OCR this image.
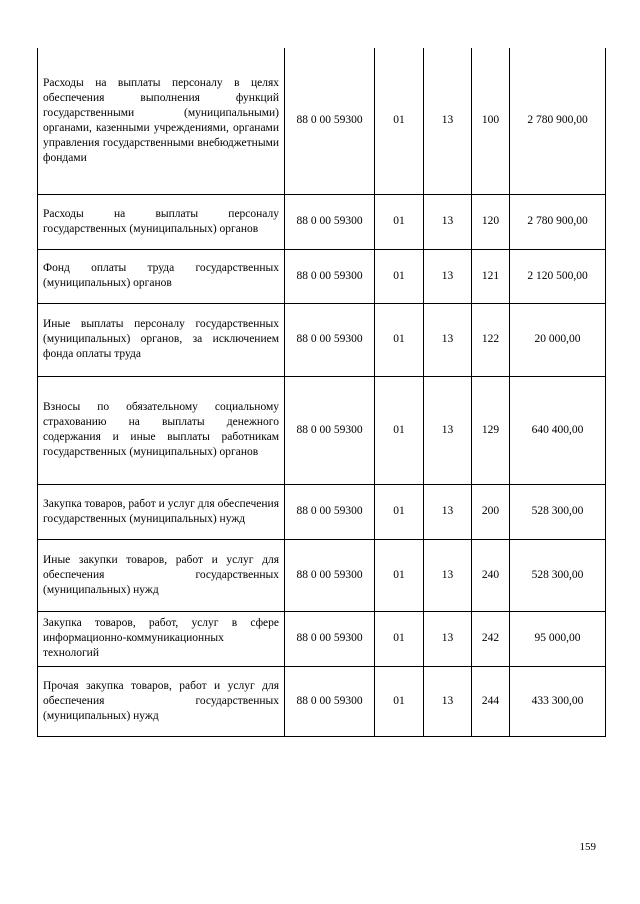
Расходы на выплаты персоналу в целях обеспечения выполнения функций государственными (муниципальными) органами, казенными учреждениями, органами управления государственными внебюджетными фондами	88 0 00 59300	01	13	100	2 780 900,00
Расходы на выплаты персоналу государственных (муниципальных) органов	88 0 00 59300	01	13	120	2 780 900,00
Фонд оплаты труда государственных (муниципальных) органов	88 0 00 59300	01	13	121	2 120 500,00
Иные выплаты персоналу государственных (муниципальных) органов, за исключением фонда оплаты труда	88 0 00 59300	01	13	122	20 000,00
Взносы по обязательному социальному страхованию на выплаты денежного содержания и иные выплаты работникам государственных (муниципальных) органов	88 0 00 59300	01	13	129	640 400,00
Закупка товаров, работ и услуг для обеспечения государственных (муниципальных) нужд	88 0 00 59300	01	13	200	528 300,00
Иные закупки товаров, работ и услуг для обеспечения государственных (муниципальных) нужд	88 0 00 59300	01	13	240	528 300,00
Закупка товаров, работ, услуг в сфере информационно-коммуникационных технологий	88 0 00 59300	01	13	242	95 000,00
Прочая закупка товаров, работ и услуг для обеспечения государственных (муниципальных) нужд	88 0 00 59300	01	13	244	433 300,00
159
